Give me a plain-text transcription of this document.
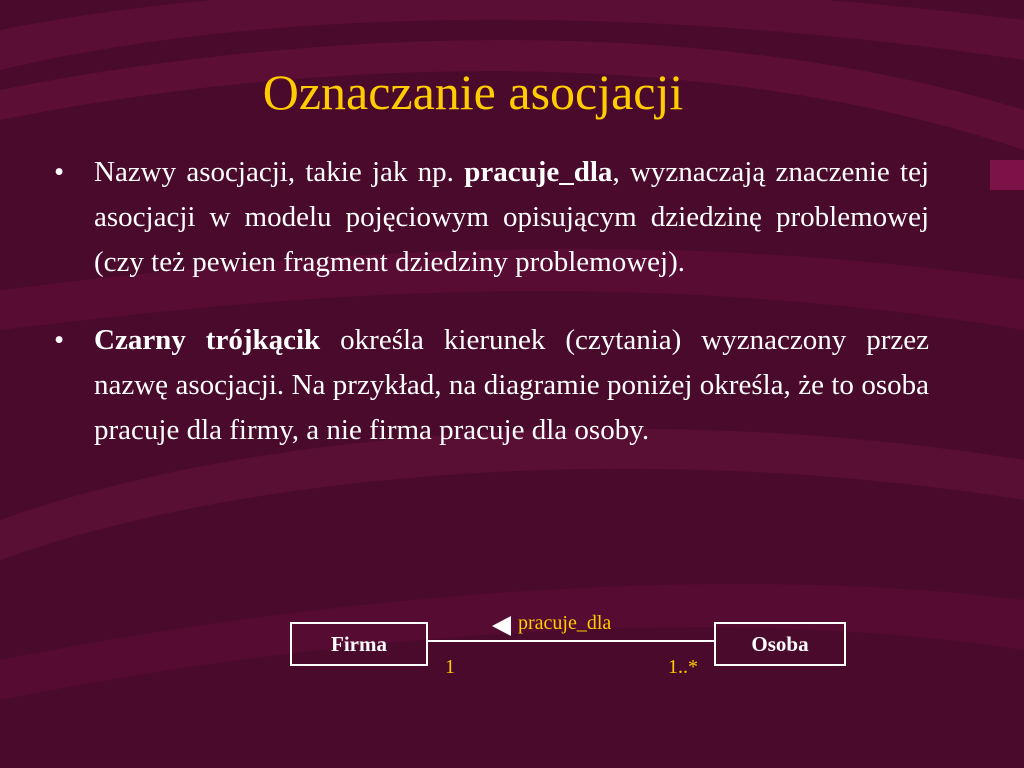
Oznaczanie asocjacji
• Nazwy asocjacji, takie jak np. pracuje_dla, wyznaczają znaczenie tej asocjacji w modelu pojęciowym opisującym dziedzinę problemowej (czy też pewien fragment dziedziny problemowej).
• Czarny trójkącik określa kierunek (czytania) wyznaczony przez nazwę asocjacji. Na przykład, na diagramie poniżej określa, że to osoba pracuje dla firmy, a nie firma pracuje dla osoby.
Firma	Osoba
pracuje_dla
1	1..*
